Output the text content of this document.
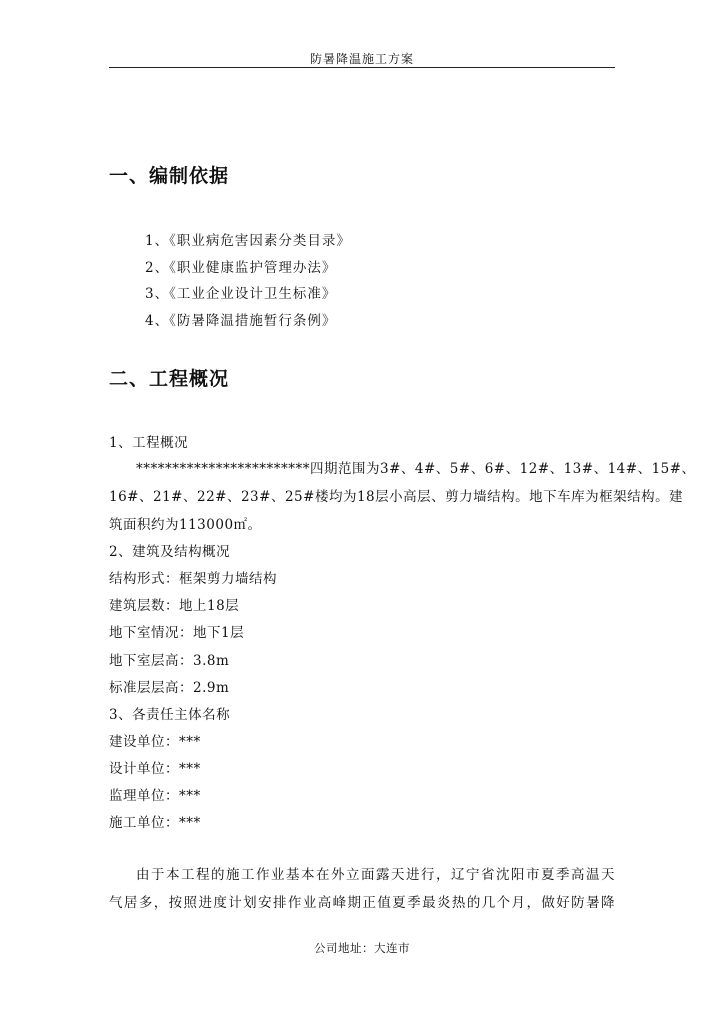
防暑降温施工方案
一、编制依据
1、《职业病危害因素分类目录》
2、《职业健康监护管理办法》
3、《工业企业设计卫生标准》
4、《防暑降温措施暂行条例》
二、工程概况
1、工程概况
************************四期范围为3#、4#、5#、6#、12#、13#、14#、15#、
16#、21#、22#、23#、25#楼均为18层小高层、剪力墙结构。地下车库为框架结构。建
筑面积约为113000㎡。
2、建筑及结构概况
结构形式：框架剪力墙结构
建筑层数：地上18层
地下室情况：地下1层
地下室层高：3.8m
标准层层高：2.9m
3、各责任主体名称
建设单位：***
设计单位：***
监理单位：***
施工单位：***
由于本工程的施工作业基本在外立面露天进行，辽宁省沈阳市夏季高温天
气居多，按照进度计划安排作业高峰期正值夏季最炎热的几个月，做好防暑降
公司地址：大连市
